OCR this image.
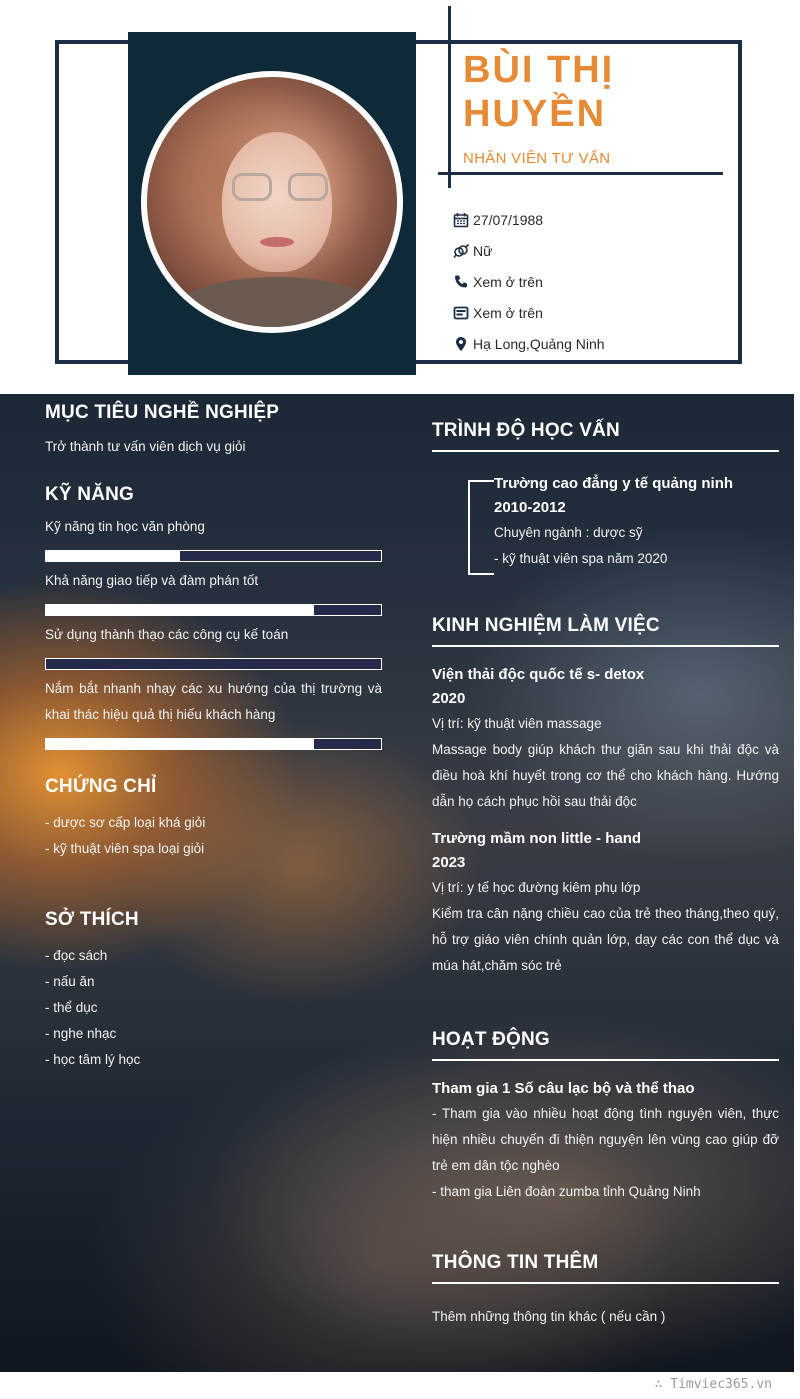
BÙI THỊ HUYỀN
NHÂN VIÊN TƯ VẤN
27/07/1988
Nữ
Xem ở trên
Xem ở trên
Hạ Long,Quảng Ninh
MỤC TIÊU NGHỀ NGHIỆP
Trở thành tư vấn viên dịch vụ giỏi
KỸ NĂNG
Kỹ năng tin học văn phòng
Khả năng giao tiếp và đàm phán tốt
Sử dụng thành thạo các công cụ kế toán
Nắm bắt nhanh nhạy các xu hướng của thị trường và khai thác hiệu quả thị hiếu khách hàng
CHỨNG CHỈ
- dược sơ cấp loại khá giỏi
- kỹ thuật viên spa loại giỏi
SỞ THÍCH
- đọc sách
- nấu ăn
- thể dục
- nghe nhạc
- học tâm lý học
TRÌNH ĐỘ HỌC VẤN
Trường cao đẳng y tế quảng ninh
2010-2012
Chuyên ngành : dược sỹ
- kỹ thuật viên spa năm 2020
KINH NGHIỆM LÀM VIỆC
Viện thải độc quốc tế s- detox
2020
Vị trí: kỹ thuật viên massage
Massage body giúp khách thư giãn sau khi thải độc và điều hoà khí huyết trong cơ thể cho khách hàng. Hướng dẫn họ cách phục hồi sau thải độc
Trường mầm non little - hand
2023
Vị trí: y tế học đường kiêm phụ lớp
Kiểm tra cân nặng chiều cao của trẻ theo tháng,theo quý, hỗ trợ giáo viên chính quản lớp, dạy các con thể dục và múa hát,chăm sóc trẻ
HOẠT ĐỘNG
Tham gia 1 Số câu lạc bộ và thể thao
- Tham gia vào nhiều hoạt động tình nguyện viên, thực hiện nhiều chuyến đi thiện nguyện lên vùng cao giúp đỡ trẻ em dân tộc nghèo
- tham gia Liên đoàn zumba tỉnh Quảng Ninh
THÔNG TIN THÊM
Thêm những thông tin khác ( nếu cần )
∴ Timviec365.vn
